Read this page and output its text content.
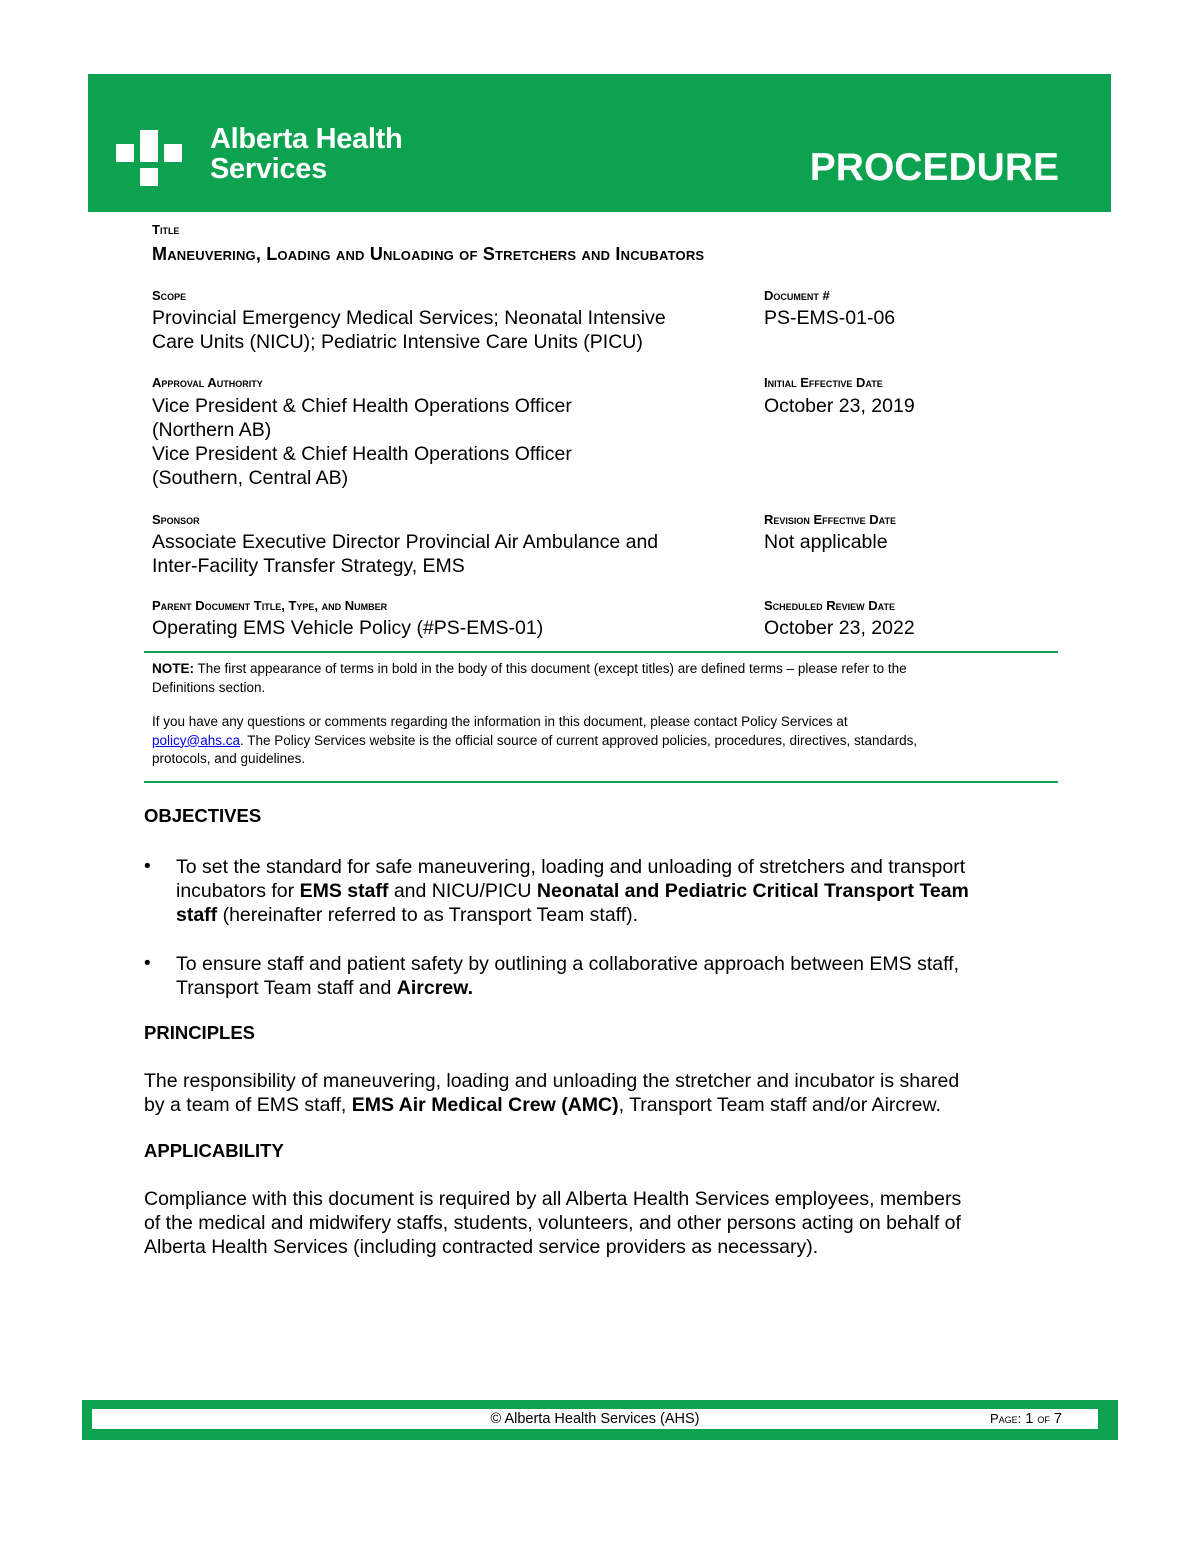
Alberta Health
Services	PROCEDURE
Title
Maneuvering, Loading and Unloading of Stretchers and Incubators
Scope
Provincial Emergency Medical Services; Neonatal Intensive
Care Units (NICU); Pediatric Intensive Care Units (PICU)
Document #
PS-EMS-01-06
Approval Authority
Vice President & Chief Health Operations Officer
(Northern AB)
Vice President & Chief Health Operations Officer
(Southern, Central AB)
Initial Effective Date
October 23, 2019
Sponsor
Associate Executive Director Provincial Air Ambulance and
Inter-Facility Transfer Strategy, EMS
Revision Effective Date
Not applicable
Parent Document Title, Type, and Number
Operating EMS Vehicle Policy (#PS-EMS-01)
Scheduled Review Date
October 23, 2022
NOTE: The first appearance of terms in bold in the body of this document (except titles) are defined terms – please refer to the
Definitions section.
If you have any questions or comments regarding the information in this document, please contact Policy Services at
policy@ahs.ca. The Policy Services website is the official source of current approved policies, procedures, directives, standards,
protocols, and guidelines.
OBJECTIVES
• To set the standard for safe maneuvering, loading and unloading of stretchers and transport
incubators for EMS staff and NICU/PICU Neonatal and Pediatric Critical Transport Team
staff (hereinafter referred to as Transport Team staff).
• To ensure staff and patient safety by outlining a collaborative approach between EMS staff,
Transport Team staff and Aircrew.
PRINCIPLES
The responsibility of maneuvering, loading and unloading the stretcher and incubator is shared
by a team of EMS staff, EMS Air Medical Crew (AMC), Transport Team staff and/or Aircrew.
APPLICABILITY
Compliance with this document is required by all Alberta Health Services employees, members
of the medical and midwifery staffs, students, volunteers, and other persons acting on behalf of
Alberta Health Services (including contracted service providers as necessary).
© Alberta Health Services (AHS)	Page: 1 of 7
